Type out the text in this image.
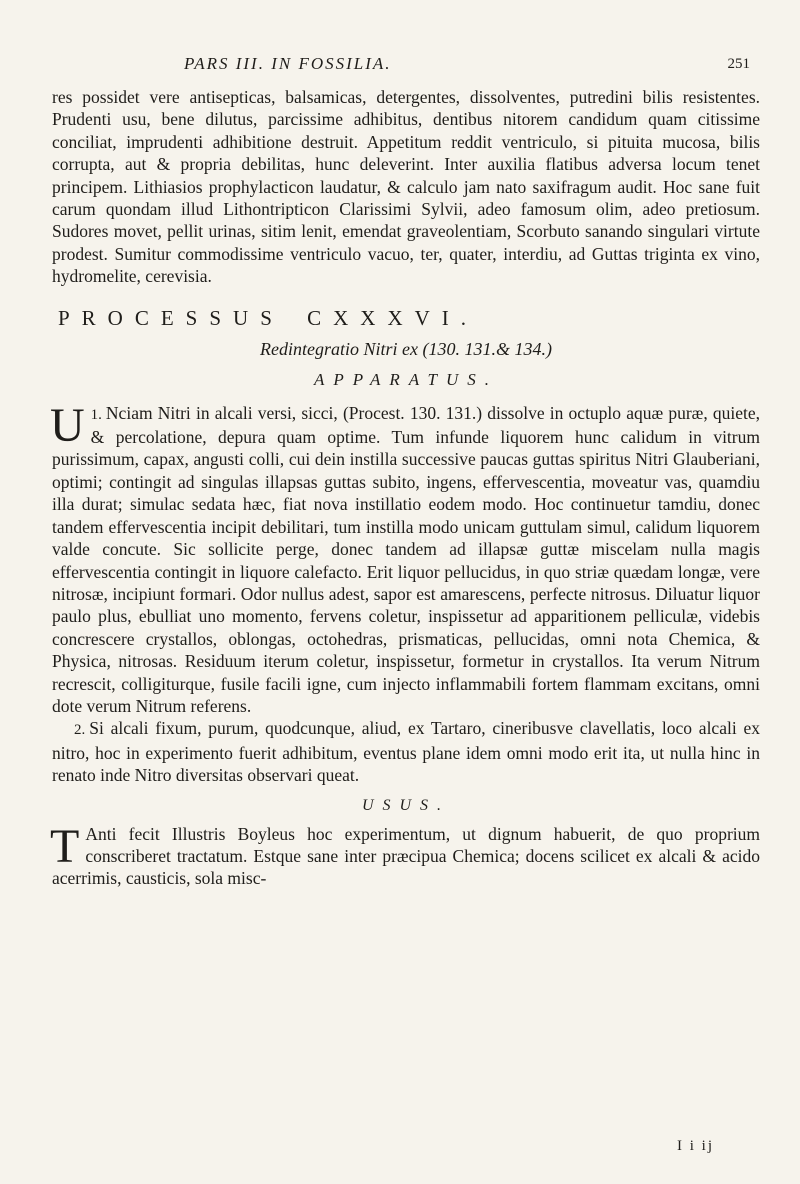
PARS III. IN FOSSILIA.	251

res possidet vere antisepticas, balsamicas, detergentes, dissolventes, putredini bilis resistentes. Prudenti usu, bene dilutus, parcissime adhibitus, dentibus nitorem candidum quam citissime conciliat, imprudenti adhibitione destruit. Appetitum reddit ventriculo, si pituita mucosa, bilis corrupta, aut & propria debilitas, hunc deleverint. Inter auxilia flatibus adversa locum tenet principem. Lithiasios prophylacticon laudatur, & calculo jam nato saxifragum audit. Hoc sane fuit carum quondam illud Lithontripticon Clarissimi Sylvii, adeo famosum olim, adeo pretiosum. Sudores movet, pellit urinas, sitim lenit, emendat graveolentiam, Scorbuto sanando singulari virtute prodest. Sumitur commodissime ventriculo vacuo, ter, quater, interdiu, ad Guttas triginta ex vino, hydromelite, cerevisia.

PROCESSUS CXXXVI.
Redintegratio Nitri ex (130. 131.& 134.)
APPARATUS.

1.
U Nciam Nitri in alcali versi, sicci, (Procest. 130. 131.) dissolve in octuplo aquæ puræ, quiete, & percolatione, depura quam optime. Tum infunde liquorem hunc calidum in vitrum purissimum, capax, angusti colli, cui dein instilla successive paucas guttas spiritus Nitri Glauberiani, optimi; contingit ad singulas illapsas guttas subito, ingens, effervescentia, moveatur vas, quamdiu illa durat; simulac sedata hæc, fiat nova instillatio eodem modo. Hoc continuetur tamdiu, donec tandem effervescentia incipit debilitari, tum instilla modo unicam guttulam simul, calidum liquorem valde concute. Sic sollicite perge, donec tandem ad illapsæ guttæ miscelam nulla magis effervescentia contingit in liquore calefacto. Erit liquor pellucidus, in quo striæ quædam longæ, vere nitrosæ, incipiunt formari. Odor nullus adest, sapor est amarescens, perfecte nitrosus. Diluatur liquor paulo plus, ebulliat uno momento, fervens coletur, inspissetur ad apparitionem pelliculæ, videbis concrescere crystallos, oblongas, octohedras, prismaticas, pellucidas, omni nota Chemica, & Physica, nitrosas. Residuum iterum coletur, inspissetur, formetur in crystallos. Ita verum Nitrum recrescit, colligiturque, fusile facili igne, cum injecto inflammabili fortem flammam excitans, omni dote verum Nitrum referens.

2. Si alcali fixum, purum, quodcunque, aliud, ex Tartaro, cineribusve clavellatis, loco alcali ex nitro, hoc in experimento fuerit adhibitum, eventus plane idem omni modo erit ita, ut nulla hinc in renato inde Nitro diversitas observari queat.

USUS.

T Anti fecit Illustris Boyleus hoc experimentum, ut dignum habuerit, de quo proprium conscriberet tractatum. Estque sane inter præcipua Chemica; docens scilicet ex alcali & acido acerrimis, causticis, sola misc-

I i ij
